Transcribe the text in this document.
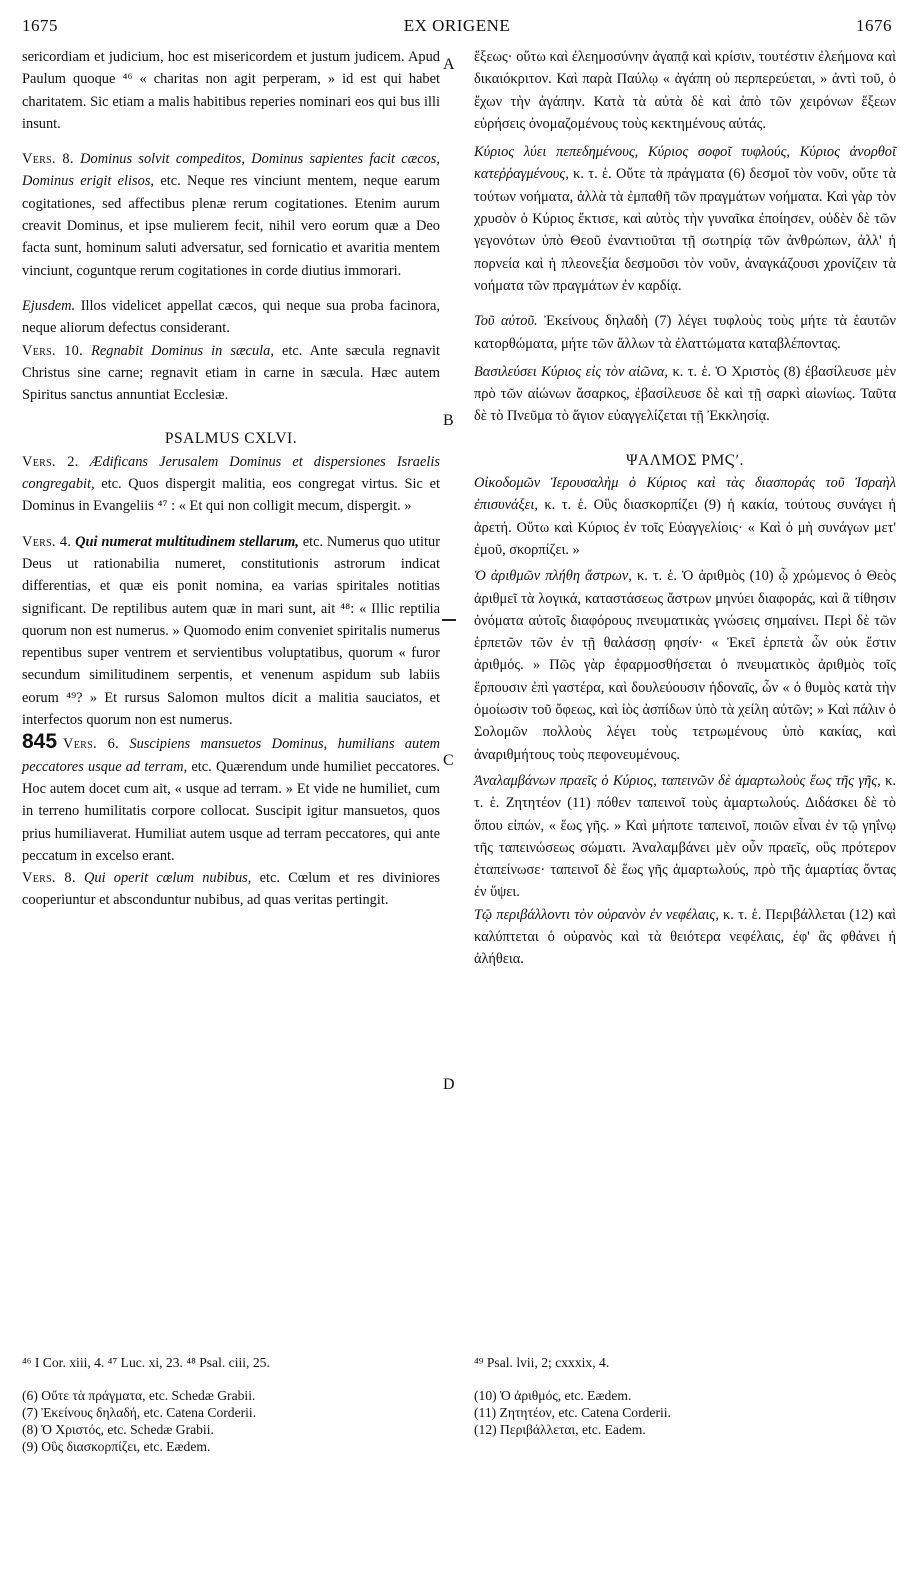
1675	EX ORIGENE	1676
A
B
C
D

sericordiam et judicium, hoc est misericordem et justum judicem. Apud Paulum quoque ⁴⁶ « charitas non agit perperam, » id est qui habet charitatem. Sic etiam a malis habitibus reperies nominari eos qui bus illi insunt.

Vers. 8. Dominus solvit compeditos, Dominus sapientes facit cæcos, Dominus erigit elisos, etc. Neque res vinciunt mentem, neque earum cogitationes, sed affectibus plenæ rerum cogitationes. Etenim aurum creavit Dominus, et ipse mulierem fecit, nihil vero eorum quæ a Deo facta sunt, hominum saluti adversatur, sed fornicatio et avaritia mentem vinciunt, coguntque rerum cogitationes in corde diutius immorari.

Ejusdem. Illos videlicet appellat cæcos, qui neque sua proba facinora, neque aliorum defectus considerant.

Vers. 10. Regnabit Dominus in sæcula, etc. Ante sæcula regnavit Christus sine carne; regnavit etiam in carne in sæcula. Hæc autem Spiritus sanctus annuntiat Ecclesiæ.

PSALMUS CXLVI.

Vers. 2. Ædificans Jerusalem Dominus et dispersiones Israelis congregabit, etc. Quos dispergit malitia, eos congregat virtus. Sic et Dominus in Evangeliis ⁴⁷ : « Et qui non colligit mecum, dispergit. »

Vers. 4. Qui numerat multitudinem stellarum, etc. Numerus quo utitur Deus ut rationabilia numeret, constitutionis astrorum indicat differentias, et quæ eis ponit nomina, ea varias spiritales notitias significant. De reptilibus autem quæ in mari sunt, ait ⁴⁸: « Illic reptilia quorum non est numerus. » Quomodo enim conveniet spiritalis numerus repentibus super ventrem et servientibus voluptatibus, quorum « furor secundum similitudinem serpentis, et venenum aspidum sub labiis eorum ⁴⁹? » Et rursus Salomon multos dicit a malitia sauciatos, et interfectos quorum non est numerus.

845 Vers. 6. Suscipiens mansuetos Dominus, humilians autem peccatores usque ad terram, etc. Quærendum unde humiliet peccatores. Hoc autem docet cum ait, « usque ad terram. » Et vide ne humiliet, cum in terreno humilitatis corpore collocat. Suscipit igitur mansuetos, quos prius humiliaverat. Humiliat autem usque ad terram peccatores, qui ante peccatum in excelso erant.

Vers. 8. Qui operit cœlum nubibus, etc. Cœlum et res diviniores cooperiuntur et absconduntur nubibus, ad quas veritas pertingit.

ἕξεως· οὕτω καὶ ἐλεημοσύνην ἀγαπᾷ καὶ κρίσιν, τουτέστιν ἐλεήμονα καὶ δικαιόκριτον. Καὶ παρὰ Παύλῳ « ἀγάπη οὐ περπερεύεται, » ἀντὶ τοῦ, ὁ ἔχων τὴν ἀγάπην. Κατὰ τὰ αὐτὰ δὲ καὶ ἀπὸ τῶν χειρόνων ἕξεων εὑρήσεις ὀνομαζομένους τοὺς κεκτημένους αὐτάς.

Κύριος λύει πεπεδημένους, Κύριος σοφοῖ τυφλούς, Κύριος ἀνορθοῖ κατεῤῥαγμένους, κ. τ. ἑ. Οὔτε τὰ πράγματα (6) δεσμοῖ τὸν νοῦν, οὔτε τὰ τούτων νοήματα, ἀλλὰ τὰ ἐμπαθῆ τῶν πραγμάτων νοήματα. Καὶ γὰρ τὸν χρυσὸν ὁ Κύριος ἔκτισε, καὶ αὐτὸς τὴν γυναῖκα ἐποίησεν, οὐδὲν δὲ τῶν γεγονότων ὑπὸ Θεοῦ ἐναντιοῦται τῇ σωτηρίᾳ τῶν ἀνθρώπων, ἀλλ' ἡ πορνεία καὶ ἡ πλεονεξία δεσμοῦσι τὸν νοῦν, ἀναγκάζουσι χρονίζειν τὰ νοήματα τῶν πραγμάτων ἐν καρδίᾳ.

Τοῦ αὐτοῦ. Ἐκείνους δηλαδὴ (7) λέγει τυφλοὺς τοὺς μήτε τὰ ἑαυτῶν κατορθώματα, μήτε τῶν ἄλλων τὰ ἐλαττώματα καταβλέποντας.

Βασιλεύσει Κύριος εἰς τὸν αἰῶνα, κ. τ. ἑ. Ὁ Χριστὸς (8) ἐβασίλευσε μὲν πρὸ τῶν αἰώνων ἄσαρκος, ἐβασίλευσε δὲ καὶ τῇ σαρκὶ αἰωνίως. Ταῦτα δὲ τὸ Πνεῦμα τὸ ἅγιον εὐαγγελίζεται τῇ Ἐκκλησίᾳ.

ΨΑΛΜΟΣ ΡΜϚʹ.

Οἰκοδομῶν Ἱερουσαλὴμ ὁ Κύριος καὶ τὰς διασποράς τοῦ Ἰσραὴλ ἐπισυνάξει, κ. τ. ἑ. Οὓς διασκορπίζει (9) ἡ κακία, τούτους συνάγει ἡ ἀρετή. Οὕτω καὶ Κύριος ἐν τοῖς Εὐαγγελίοις· « Καὶ ὁ μὴ συνάγων μετ' ἐμοῦ, σκορπίζει. »

Ὁ ἀριθμῶν πλήθη ἄστρων, κ. τ. ἑ. Ὁ ἀριθμὸς (10) ᾧ χρώμενος ὁ Θεὸς ἀριθμεῖ τὰ λογικά, καταστάσεως ἄστρων μηνύει διαφοράς, καὶ ἃ τίθησιν ὀνόματα αὐτοῖς διαφόρους πνευματικὰς γνώσεις σημαίνει. Περὶ δὲ τῶν ἑρπετῶν τῶν ἐν τῇ θαλάσσῃ φησίν· « Ἐκεῖ ἑρπετὰ ὧν οὐκ ἔστιν ἀριθμός. » Πῶς γὰρ ἐφαρμοσθήσεται ὁ πνευματικὸς ἀριθμὸς τοῖς ἕρπουσιν ἐπὶ γαστέρα, καὶ δουλεύουσιν ἡδοναῖς, ὧν « ὁ θυμὸς κατὰ τὴν ὁμοίωσιν τοῦ ὄφεως, καὶ ἰὸς ἀσπίδων ὑπὸ τὰ χείλη αὐτῶν; » Καὶ πάλιν ὁ Σολομῶν πολλοὺς λέγει τοὺς τετρωμένους ὑπὸ κακίας, καὶ ἀναριθμήτους τοὺς πεφονευμένους.

Ἀναλαμβάνων πραεῖς ὁ Κύριος, ταπεινῶν δὲ ἁμαρτωλοὺς ἕως τῆς γῆς, κ. τ. ἑ. Ζητητέον (11) πόθεν ταπεινοῖ τοὺς ἁμαρτωλούς. Διδάσκει δὲ τὸ ὅπου εἰπών, « ἕως γῆς. » Καὶ μήποτε ταπεινοῖ, ποιῶν εἶναι ἐν τῷ γηΐνῳ τῆς ταπεινώσεως σώματι. Ἀναλαμβάνει μὲν οὖν πραεῖς, οὓς πρότερον ἐταπείνωσε· ταπεινοῖ δὲ ἕως γῆς ἁμαρτωλούς, πρὸ τῆς ἁμαρτίας ὄντας ἐν ὕψει.

Τῷ περιβάλλοντι τὸν οὐρανὸν ἐν νεφέλαις, κ. τ. ἑ. Περιβάλλεται (12) καὶ καλύπτεται ὁ οὐρανὸς καὶ τὰ θειότερα νεφέλαις, ἐφ' ἃς φθάνει ἡ ἀλήθεια.

⁴⁶ I Cor. xiii, 4. ⁴⁷ Luc. xi, 23. ⁴⁸ Psal. ciii, 25.	⁴⁹ Psal. lvii, 2; cxxxix, 4.
(6) Οὔτε τὰ πράγματα, etc. Schedæ Grabii.
(7) Ἐκείνους δηλαδή, etc. Catena Corderii.
(8) Ὁ Χριστός, etc. Schedæ Grabii.
(9) Οὓς διασκορπίζει, etc. Eædem.
(10) Ὁ ἀριθμός, etc. Eædem.
(11) Ζητητέον, etc. Catena Corderii.
(12) Περιβάλλεται, etc. Eadem.
